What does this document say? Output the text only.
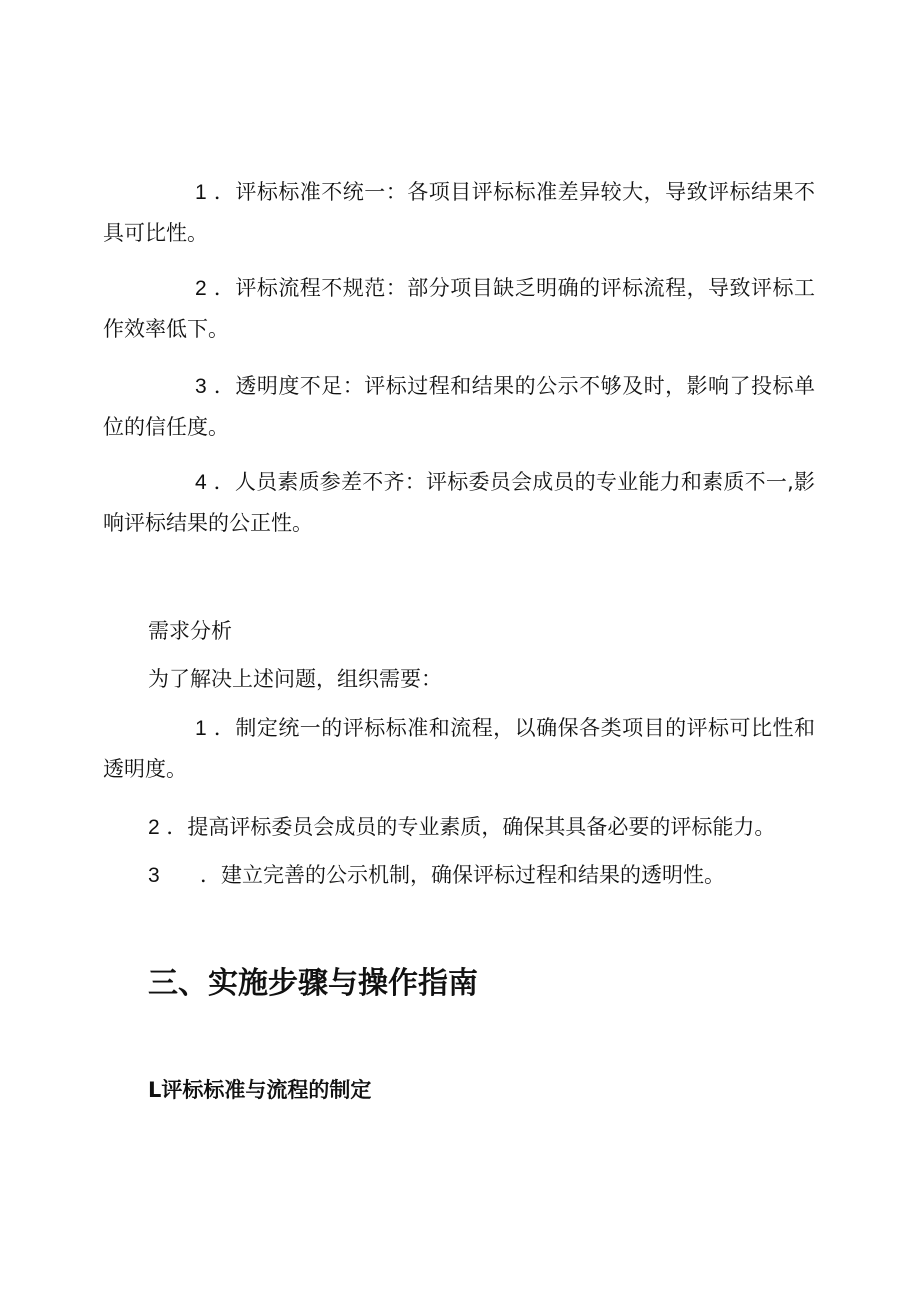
1 ．评标标准不统一：各项目评标标准差异较大，导致评标结果不具可比性。

2 ．评标流程不规范：部分项目缺乏明确的评标流程，导致评标工作效率低下。

3 ．透明度不足：评标过程和结果的公示不够及时，影响了投标单位的信任度。

4 ．人员素质参差不齐：评标委员会成员的专业能力和素质不一,影响评标结果的公正性。

需求分析

为了解决上述问题，组织需要：

1 ．制定统一的评标标准和流程，以确保各类项目的评标可比性和透明度。

2 ．提高评标委员会成员的专业素质，确保其具备必要的评标能力。

3 ．建立完善的公示机制，确保评标过程和结果的透明性。

三、实施步骤与操作指南
L评标标准与流程的制定
